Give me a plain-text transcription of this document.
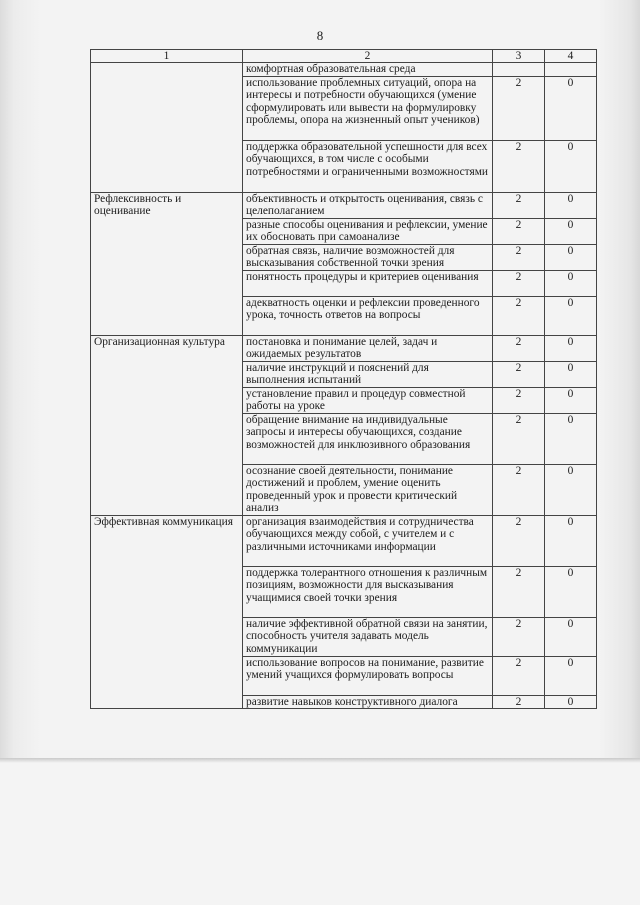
8
1	2	3	4
	комфортная образовательная среда		
	использование проблемных ситуаций, опора на интересы и потребности обучающихся (умение сформулировать или вывести на формулировку проблемы, опора на жизненный опыт учеников)	2	0
	поддержка образовательной успешности для всех обучающихся, в том числе с особыми потребностями и ограниченными возможностями	2	0
Рефлексивность и оценивание	объективность и открытость оценивания, связь с целеполаганием	2	0
	разные способы оценивания и рефлексии, умение их обосновать при самоанализе	2	0
	обратная связь, наличие возможностей для высказывания собственной точки зрения	2	0
	понятность процедуры и критериев оценивания	2	0
	адекватность оценки и рефлексии проведенного урока, точность ответов на вопросы	2	0
Организационная культура	постановка и понимание целей, задач и ожидаемых результатов	2	0
	наличие инструкций и пояснений для выполнения испытаний	2	0
	установление правил и процедур совместной работы на уроке	2	0
	обращение внимание на индивидуальные запросы и интересы обучающихся, создание возможностей для инклюзивного образования	2	0
	осознание своей деятельности, понимание достижений и проблем, умение оценить проведенный урок и провести критический анализ	2	0
Эффективная коммуникация	организация взаимодействия и сотрудничества обучающихся между собой, с учителем и с различными источниками информации	2	0
	поддержка толерантного отношения к различным позициям, возможности для высказывания учащимися своей точки зрения	2	0
	наличие эффективной обратной связи на занятии, способность учителя задавать модель коммуникации	2	0
	использование вопросов на понимание, развитие умений учащихся формулировать вопросы	2	0
	развитие навыков конструктивного диалога	2	0
